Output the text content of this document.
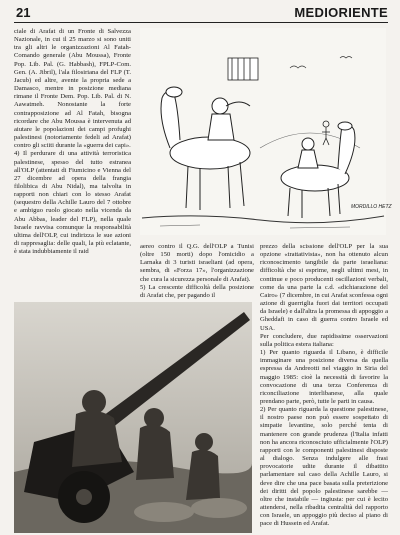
21	MEDIORIENTE
ciale di Arafat di un Fronte di Salvezza Nazionale, in cui il 25 marzo si sono uniti tra gli altri le organizzazioni Al Fatah-Comando generale (Abu Moussa), Fronte Pop. Lib. Pal. (G. Habbash), FPLP-Com. Gen. (A. Jibril), l'ala filosiriana del FLP (T. Jacub) ed altre, avente la propria sede a Damasco, mentre in posizione mediana rimane il Fronte Dem. Pop. Lib. Pal. di N. Aawatmeh. Nonostante la forte contrapposizione ad Al Fatah, bisogna ricordare che Abu Moussa è intervenuta ad aiutare le popolazioni dei campi profughi palestinesi (notoriamente fedeli ad Arafat) contro gli sciiti durante la «guerra dei capi».
4) Il perdurare di una attività terroristica palestinese, spesso del tutto estranea all'OLP (attentati di Fiumicino e Vienna del 27 dicembre ad opera della frangia filolibica di Abu Nidal), ma talvolta in rapporti non chiari con lo stesso Arafat (sequestro della Achille Lauro del 7 ottobre e ambiguo ruolo giocato nella vicenda da Abu Abbas, leader del FLP), nella quale Israele ravvisa comunque la responsabilità ultima dell'OLP, cui indirizza le sue azioni di rappresaglia: delle quali, la più eclatante, è stata indubbiamente il raid
MORDILLO HETZ
aereo contro il Q.G. dell'OLP a Tunisi (oltre 150 morti) dopo l'omicidio a Larnaka di 3 turisti israeliani (ad opera, sembra, di «Forza 17», l'organizzazione che cura la sicurezza personale di Arafat).
5) La crescente difficoltà della posizione di Arafat che, per pagando il
prezzo della scissione dell'OLP per la sua opzione «trattativista», non ha ottenuto alcun riconoscimento tangibile da parte israeliana: difficoltà che si esprime, negli ultimi mesi, in continue e poco producenti oscillazioni verbali, come da una parte la c.d. «dichiarazione del Cairo» (7 dicembre, in cui Arafat sconfessa ogni azione di guerriglia fuori dai territori occupati da Israele) e dall'altra la promessa di appoggio a Gheddafi in caso di guerra contro Israele ed USA.
Per concludere, due rapidissime osservazioni sulla politica estera italiana:
1) Per quanto riguarda il Libano, è difficile immaginare una posizione diversa da quella espressa da Andreotti nel viaggio in Siria del maggio 1985: cioè la necessità di favorire la convocazione di una terza Conferenza di riconciliazione interlibanese, alla quale prendano parte, però, tutte le parti in causa.
2) Per quanto riguarda la questione palestinese, il nostro paese non può essere sospettato di simpatie levantine, solo perché tenta di mantenere con grande prudenza (l'Italia infatti non ha ancora riconosciuto ufficialmente l'OLP) rapporti con le componenti palestinesi disposte al dialogo. Senza indulgere alle frasi provocatorie udite durante il dibattito parlamentare sul caso della Achille Lauro, si deve dire che una pace basata sulla preterizione dei diritti del popolo palestinese sarebbe — oltre che instabile — ingiusta: per cui è lecito attendersi, nella ribadita centralità del rapporto con Israele, un appoggio più deciso al piano di pace di Hussein ed Arafat.
